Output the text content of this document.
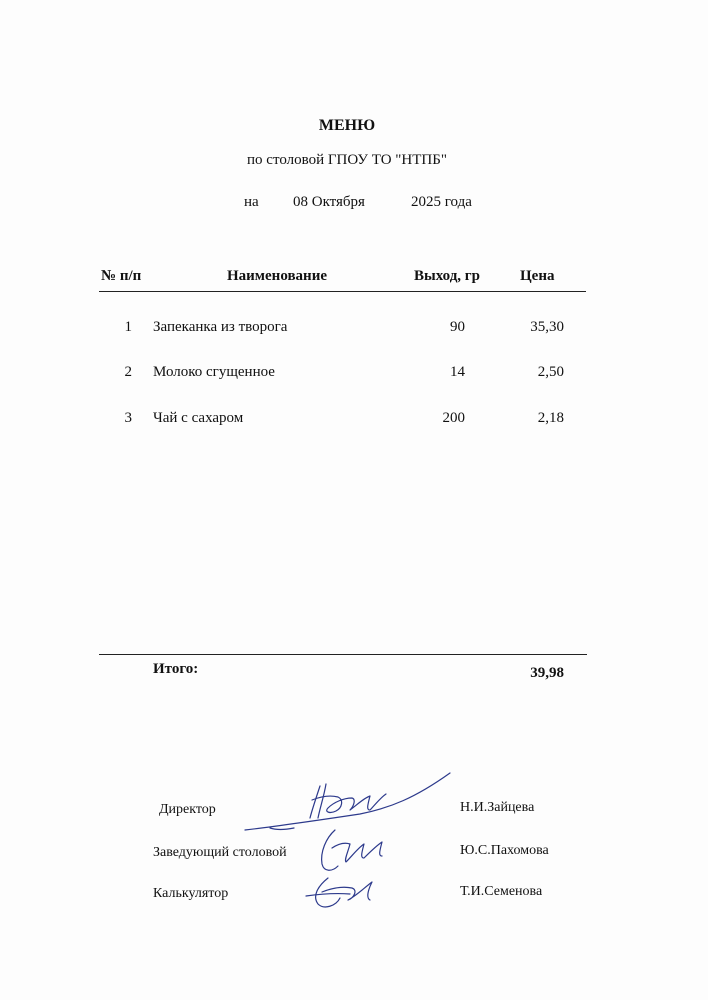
МЕНЮ
по столовой ГПОУ ТО "НТПБ"
на 08 Октября	2025 года
№ п/п	Наименование	Выход, гр	Цена
1 Запеканка из творога	90	35,30
2 Молоко сгущенное	14	2,50
3 Чай с сахаром	200	2,18
Итого:	39,98
Директор	Н.И.Зайцева
Заведующий столовой	Ю.С.Пахомова
Калькулятор	Т.И.Семенова
